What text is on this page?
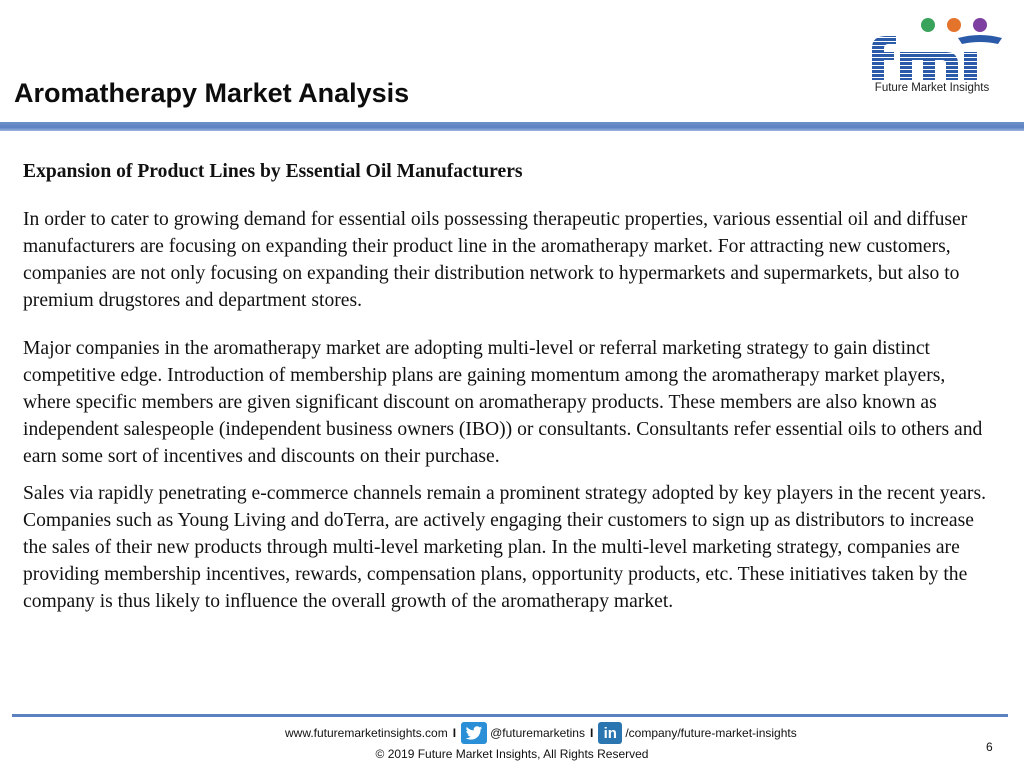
Aromatherapy Market Analysis	Future Market Insights

Expansion of Product Lines by Essential Oil Manufacturers

In order to cater to growing demand for essential oils possessing therapeutic properties, various essential oil and diffuser manufacturers are focusing on expanding their product line in the aromatherapy market. For attracting new customers, companies are not only focusing on expanding their distribution network to hypermarkets and supermarkets, but also to premium drugstores and department stores.

Major companies in the aromatherapy market are adopting multi-level or referral marketing strategy to gain distinct competitive edge. Introduction of membership plans are gaining momentum among the aromatherapy market players, where specific members are given significant discount on aromatherapy products. These members are also known as independent salespeople (independent business owners (IBO)) or consultants. Consultants refer essential oils to others and earn some sort of incentives and discounts on their purchase.

Sales via rapidly penetrating e-commerce channels remain a prominent strategy adopted by key players in the recent years. Companies such as Young Living and doTerra, are actively engaging their customers to sign up as distributors to increase the sales of their new products through multi-level marketing plan. In the multi-level marketing strategy, companies are providing membership incentives, rewards, compensation plans, opportunity products, etc. These initiatives taken by the company is thus likely to influence the overall growth of the aromatherapy market.

www.futuremarketinsights.com I	@futuremarketins I in /company/future-market-insights
© 2019 Future Market Insights, All Rights Reserved	6
